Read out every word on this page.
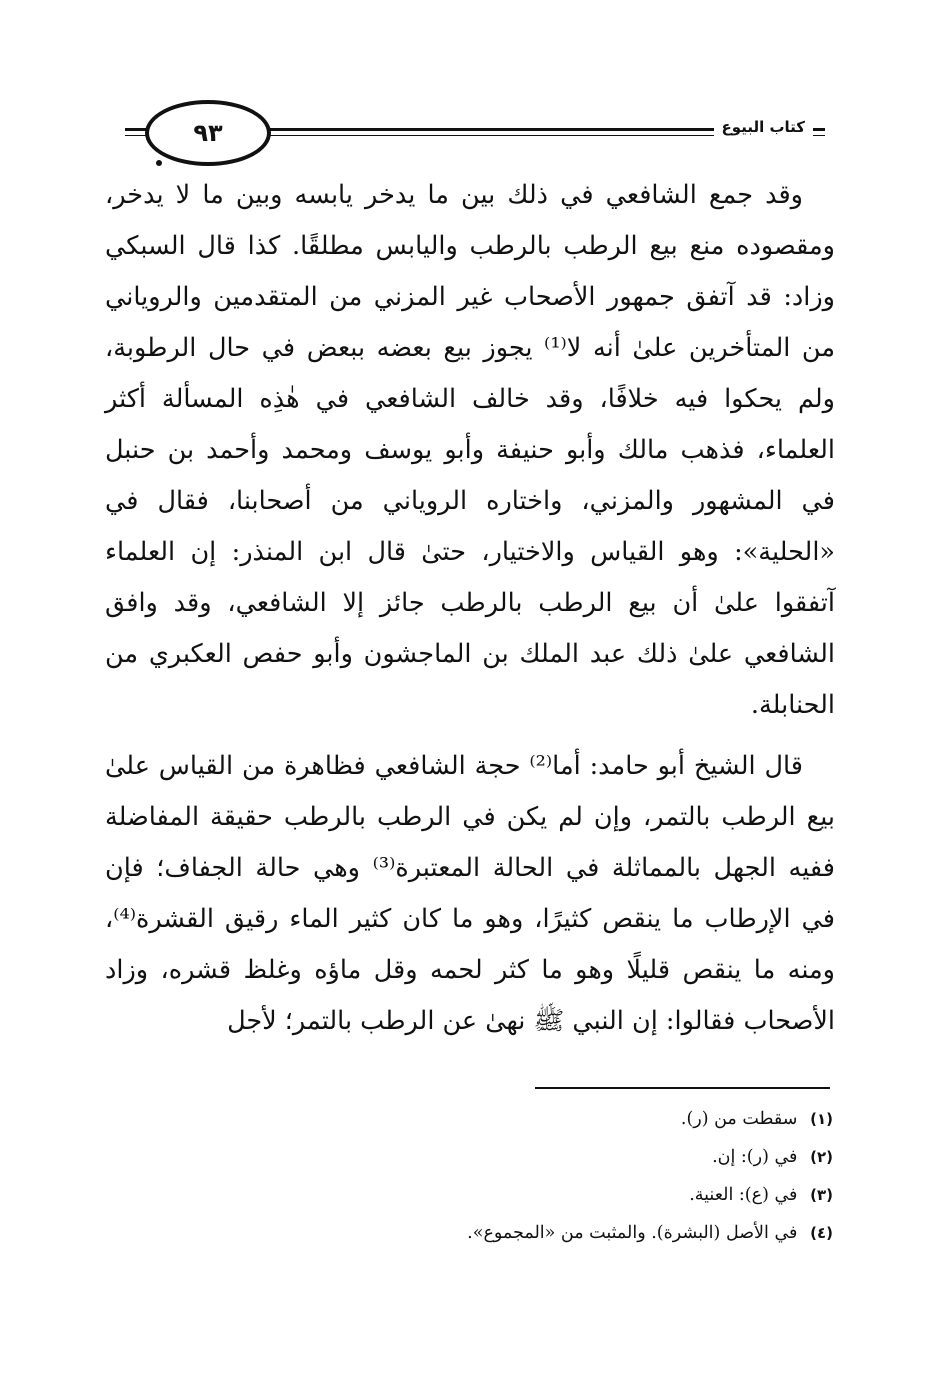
٩٣	كتاب البيوع

وقد جمع الشافعي في ذلك بين ما يدخر يابسه وبين ما لا يدخر، ومقصوده منع بيع الرطب بالرطب واليابس مطلقًا. كذا قال السبكي وزاد: قد آتفق جمهور الأصحاب غير المزني من المتقدمين والروياني من المتأخرين علىٰ أنه لا⁽¹⁾ يجوز بيع بعضه ببعض في حال الرطوبة، ولم يحكوا فيه خلافًا، وقد خالف الشافعي في هٰذِه المسألة أكثر العلماء، فذهب مالك وأبو حنيفة وأبو يوسف ومحمد وأحمد بن حنبل في المشهور والمزني، واختاره الروياني من أصحابنا، فقال في «الحلية»: وهو القياس والاختيار، حتىٰ قال ابن المنذر: إن العلماء آتفقوا علىٰ أن بيع الرطب بالرطب جائز إلا الشافعي، وقد وافق الشافعي علىٰ ذلك عبد الملك بن الماجشون وأبو حفص العكبري من الحنابلة.

قال الشيخ أبو حامد: أما⁽²⁾ حجة الشافعي فظاهرة من القياس علىٰ بيع الرطب بالتمر، وإن لم يكن في الرطب بالرطب حقيقة المفاضلة ففيه الجهل بالمماثلة في الحالة المعتبرة⁽³⁾ وهي حالة الجفاف؛ فإن في الإرطاب ما ينقص كثيرًا، وهو ما كان كثير الماء رقيق القشرة⁽⁴⁾، ومنه ما ينقص قليلًا وهو ما كثر لحمه وقل ماؤه وغلظ قشره، وزاد الأصحاب فقالوا: إن النبي ﷺ نهىٰ عن الرطب بالتمر؛ لأجل

(١) سقطت من (ر).
(٢) في (ر): إن.
(٣) في (ع): العنية.
(٤) في الأصل (البشرة). والمثبت من «المجموع».
